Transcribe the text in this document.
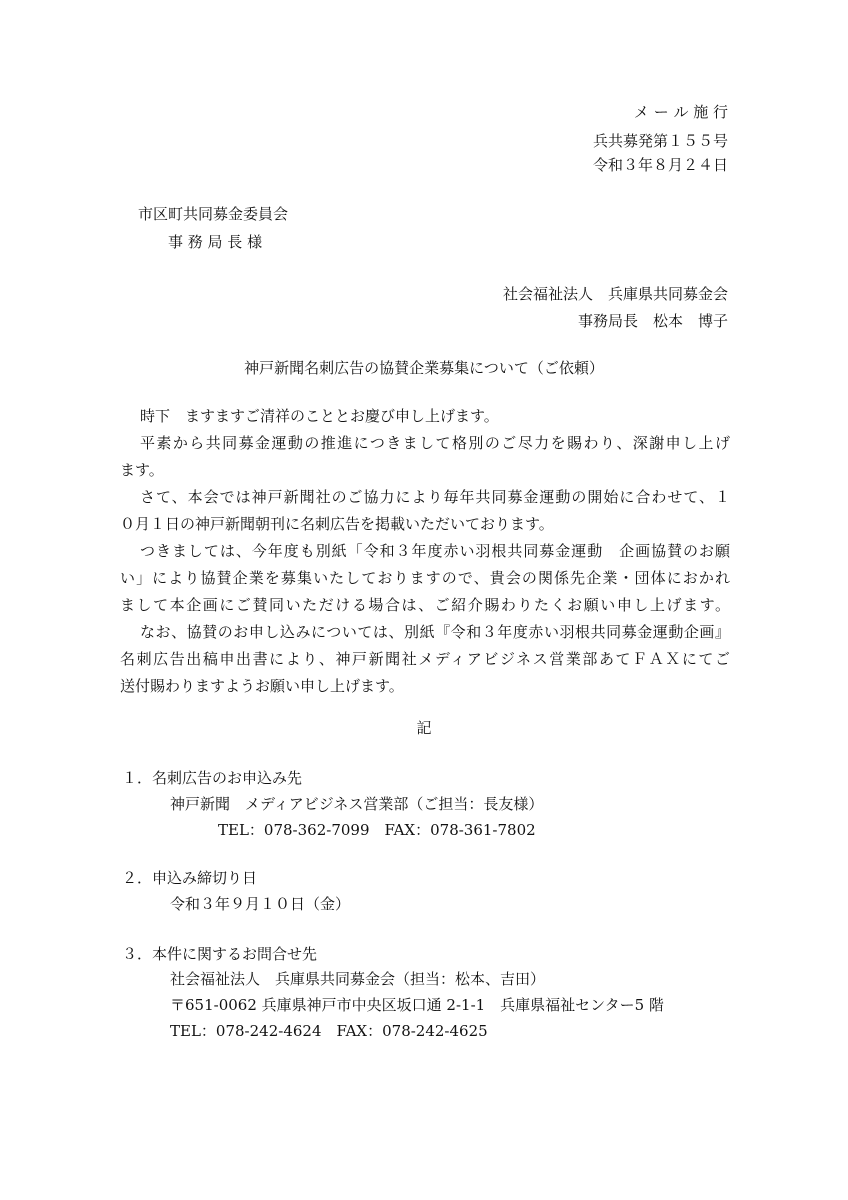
メ ー ル 施 行
兵共募発第１５５号
令和３年８月２４日
市区町共同募金委員会
事 務 局 長 様
社会福祉法人　兵庫県共同募金会
事務局長　松本　博子
神戸新聞名刺広告の協賛企業募集について（ご依頼）
時下　ますますご清祥のこととお慶び申し上げます。
平素から共同募金運動の推進につきまして格別のご尽力を賜わり、深謝申し上げ
ます。
さて、本会では神戸新聞社のご協力により毎年共同募金運動の開始に合わせて、１
０月１日の神戸新聞朝刊に名刺広告を掲載いただいております。
つきましては、今年度も別紙「令和３年度赤い羽根共同募金運動　企画協賛のお願
い」により協賛企業を募集いたしておりますので、貴会の関係先企業・団体におかれ
まして本企画にご賛同いただける場合は、ご紹介賜わりたくお願い申し上げます。
なお、協賛のお申し込みについては、別紙『令和３年度赤い羽根共同募金運動企画』
名刺広告出稿申出書により、神戸新聞社メディアビジネス営業部あてＦＡＸにてご
送付賜わりますようお願い申し上げます。
記
１．名刺広告のお申込み先
神戸新聞　メディアビジネス営業部（ご担当：長友様）
TEL：078-362-7099　FAX：078-361-7802
２．申込み締切り日
令和３年９月１０日（金）
３．本件に関するお問合せ先
社会福祉法人　兵庫県共同募金会（担当：松本、吉田）
〒651-0062 兵庫県神戸市中央区坂口通 2-1-1　兵庫県福祉センター5 階
TEL：078-242-4624　FAX：078-242-4625
